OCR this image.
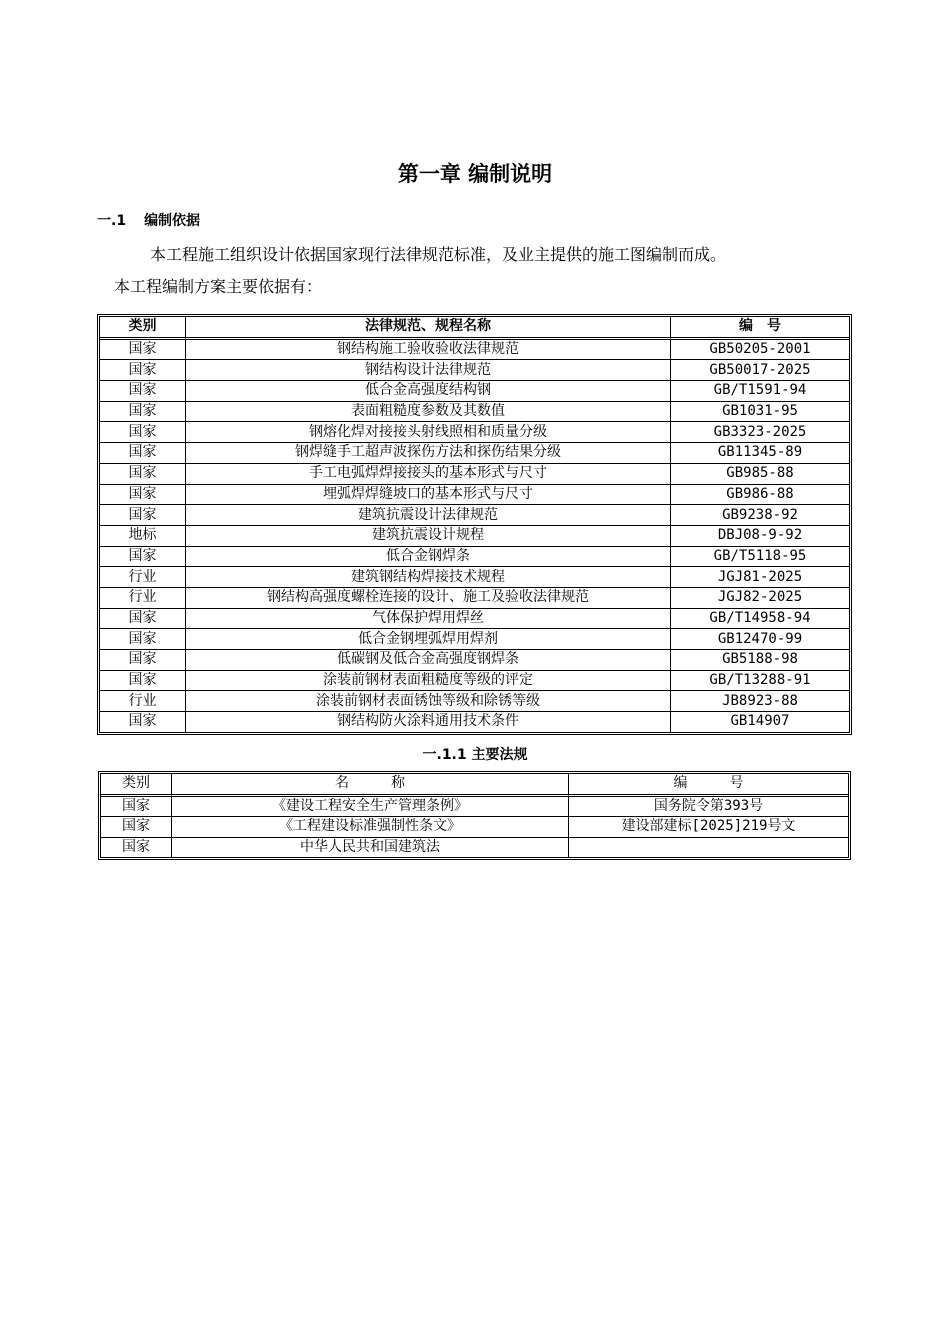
第一章 编制说明
一.1 编制依据
本工程施工组织设计依据国家现行法律规范标准，及业主提供的施工图编制而成。
本工程编制方案主要依据有：
类别	法律规范、规程名称	编　号
国家	钢结构施工验收验收法律规范	GB50205-2001
国家	钢结构设计法律规范	GB50017-2025
国家	低合金高强度结构钢	GB/T1591-94
国家	表面粗糙度参数及其数值	GB1031-95
国家	钢熔化焊对接接头射线照相和质量分级	GB3323-2025
国家	钢焊缝手工超声波探伤方法和探伤结果分级	GB11345-89
国家	手工电弧焊焊接接头的基本形式与尺寸	GB985-88
国家	埋弧焊焊缝坡口的基本形式与尺寸	GB986-88
国家	建筑抗震设计法律规范	GB9238-92
地标	建筑抗震设计规程	DBJ08-9-92
国家	低合金钢焊条	GB/T5118-95
行业	建筑钢结构焊接技术规程	JGJ81-2025
行业	钢结构高强度螺栓连接的设计、施工及验收法律规范	JGJ82-2025
国家	气体保护焊用焊丝	GB/T14958-94
国家	低合金钢埋弧焊用焊剂	GB12470-99
国家	低碳钢及低合金高强度钢焊条	GB5188-98
国家	涂装前钢材表面粗糙度等级的评定	GB/T13288-91
行业	涂装前钢材表面锈蚀等级和除锈等级	JB8923-88
国家	钢结构防火涂料通用技术条件	GB14907
一.1.1 主要法规
类别	名　　　称	编　　　号
国家	《建设工程安全生产管理条例》	国务院令第393号
国家	《工程建设标准强制性条文》	建设部建标[2025]219号文
国家	中华人民共和国建筑法	
